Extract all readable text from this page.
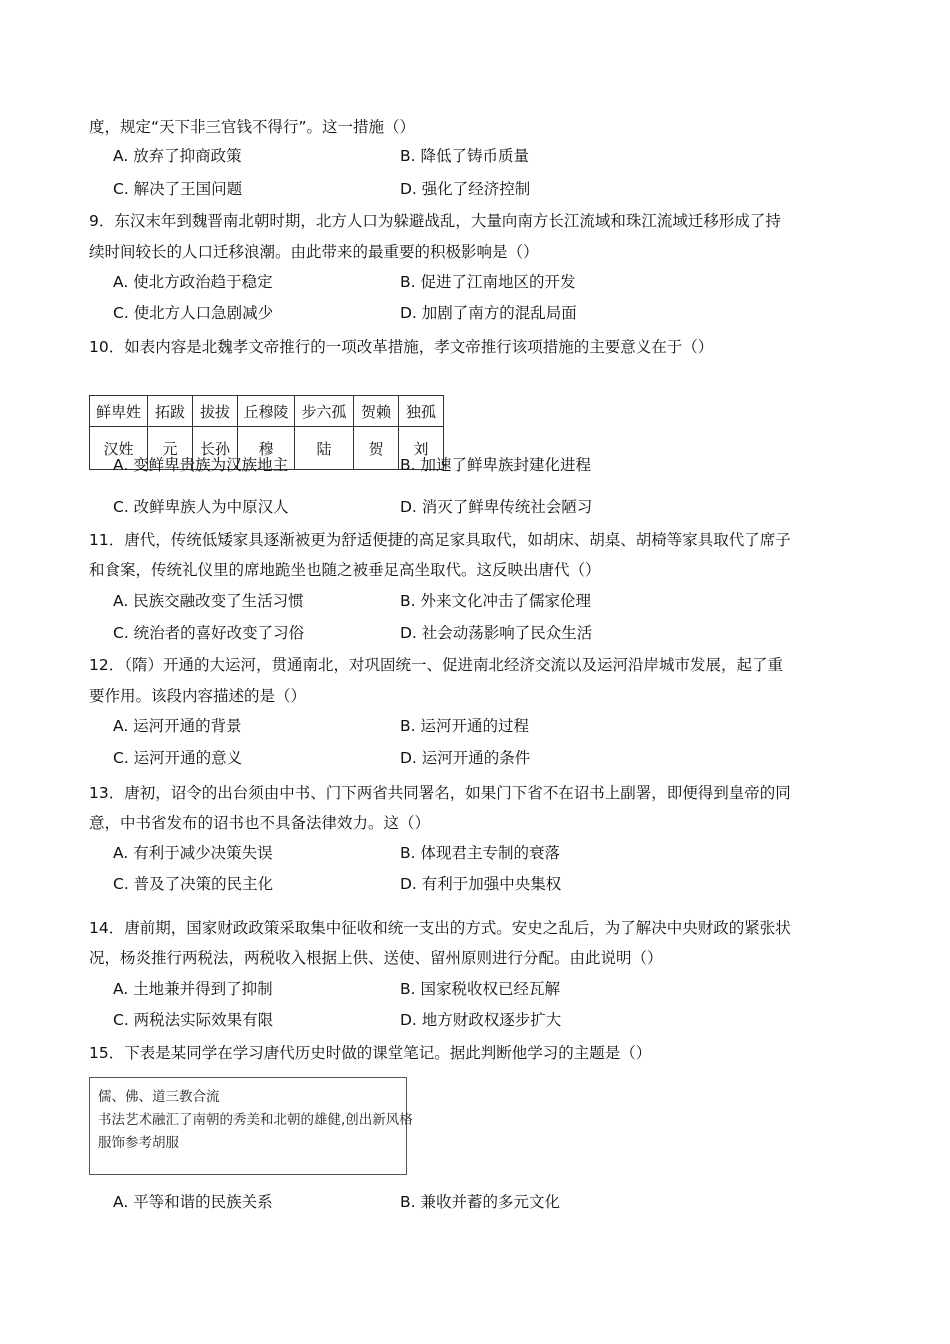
度，规定“天下非三官钱不得行”。这一措施（）
A. 放弃了抑商政策	B. 降低了铸币质量
C. 解决了王国问题	D. 强化了经济控制
9．东汉末年到魏晋南北朝时期，北方人口为躲避战乱，大量向南方长江流域和珠江流域迁移形成了持
续时间较长的人口迁移浪潮。由此带来的最重要的积极影响是（）
A. 使北方政治趋于稳定	B. 促进了江南地区的开发
C. 使北方人口急剧减少	D. 加剧了南方的混乱局面
10．如表内容是北魏孝文帝推行的一项改革措施，孝文帝推行该项措施的主要意义在于（）
鲜卑姓	拓跋	拔拔	丘穆陵	步六孤	贺赖	独孤
汉姓	元	长孙	穆	陆	贺	刘
A. 变鲜卑贵族为汉族地主	B. 加速了鲜卑族封建化进程
C. 改鲜卑族人为中原汉人	D. 消灭了鲜卑传统社会陋习
11．唐代，传统低矮家具逐渐被更为舒适便捷的高足家具取代，如胡床、胡桌、胡椅等家具取代了席子
和食案，传统礼仪里的席地跪坐也随之被垂足高坐取代。这反映出唐代（）
A. 民族交融改变了生活习惯	B. 外来文化冲击了儒家伦理
C. 统治者的喜好改变了习俗	D. 社会动荡影响了民众生活
12．（隋）开通的大运河，贯通南北，对巩固统一、促进南北经济交流以及运河沿岸城市发展，起了重
要作用。该段内容描述的是（）
A. 运河开通的背景	B. 运河开通的过程
C. 运河开通的意义	D. 运河开通的条件
13．唐初，诏令的出台须由中书、门下两省共同署名，如果门下省不在诏书上副署，即便得到皇帝的同
意，中书省发布的诏书也不具备法律效力。这（）
A. 有利于减少决策失误	B. 体现君主专制的衰落
C. 普及了决策的民主化	D. 有利于加强中央集权
14．唐前期，国家财政政策采取集中征收和统一支出的方式。安史之乱后，为了解决中央财政的紧张状
况，杨炎推行两税法，两税收入根据上供、送使、留州原则进行分配。由此说明（）
A. 土地兼并得到了抑制	B. 国家税收权已经瓦解
C. 两税法实际效果有限	D. 地方财政权逐步扩大
15．下表是某同学在学习唐代历史时做的课堂笔记。据此判断他学习的主题是（）
儒、佛、道三教合流
书法艺术融汇了南朝的秀美和北朝的雄健,创出新风格
服饰参考胡服
A. 平等和谐的民族关系	B. 兼收并蓄的多元文化
